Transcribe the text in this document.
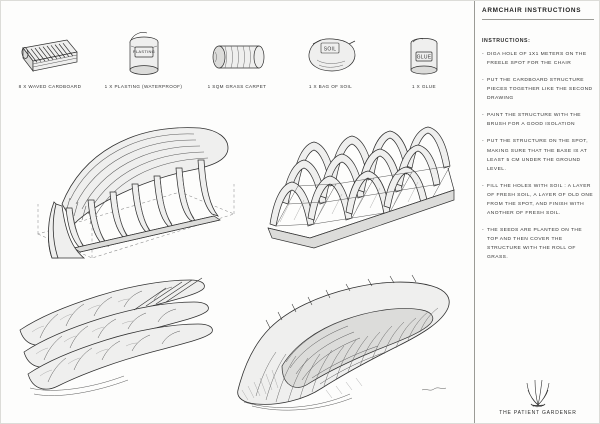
ARMCHAIR INSTRUCTIONS
INSTRUCTIONS:
- DIGA HOLE OF 1X1 METERS ON THE FREELE SPOT FOR THE CHAIR
- PUT THE CARDBOARD STRUCTURE PIECES TOGETHER LIKE THE SECOND DRAWING
- PAINT THE STRUCTURE WITH THE BRUSH FOR A GOOD ISOLATION
- PUT THE STRUCTURE ON THE SPOT, MAKING SURE THAT THE BASE IS AT LEAST 5 CM UNDER THE GROUND LEVEL.
- FILL THE HOLES WITH SOIL : A LAYER OF FRESH SOIL, A LAYER OF OLD ONE FROM THE SPOT, AND FINISH WITH ANOTHER OF FRESH SOIL.
- THE SEEDS ARE PLANTED ON THE TOP AND THEN COVER THE STRUCTURE WITH THE ROLL OF GRASS.
THE PATIENT GARDENER
8 X WAVED CARDBOARD
PLASTING
1 X PLASTING (WATERPROOF)	1 SQM GRASS CARPET
SOIL
1 X BAG OF SOIL
GLUE
1 X GLUE
